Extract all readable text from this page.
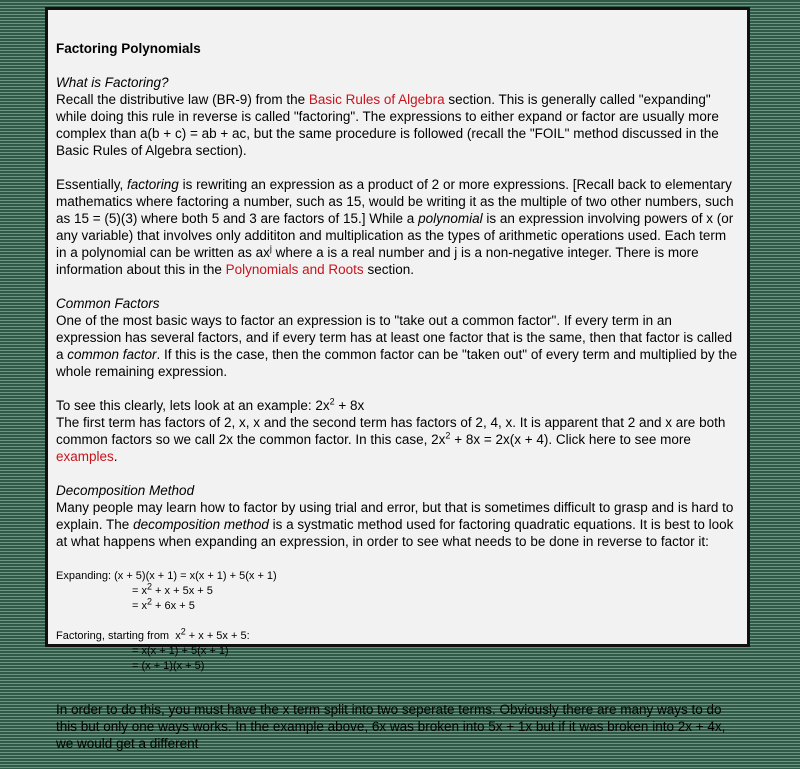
Factoring Polynomials

What is Factoring?
Recall the distributive law (BR-9) from the Basic Rules of Algebra section. This is generally called "expanding" while doing this rule in reverse is called "factoring". The expressions to either expand or factor are usually more complex than a(b + c) = ab + ac, but the same procedure is followed (recall the "FOIL" method discussed in the Basic Rules of Algebra section).

Essentially, factoring is rewriting an expression as a product of 2 or more expressions. [Recall back to elementary mathematics where factoring a number, such as 15, would be writing it as the multiple of two other numbers, such as 15 = (5)(3) where both 5 and 3 are factors of 15.] While a polynomial is an expression involving powers of x (or any variable) that involves only addititon and multiplication as the types of arithmetic operations used. Each term in a polynomial can be written as $ax^j$ where a is a real number and j is a non-negative integer. There is more information about this in the Polynomials and Roots section.

Common Factors
One of the most basic ways to factor an expression is to "take out a common factor". If every term in an expression has several factors, and if every term has at least one factor that is the same, then that factor is called a common factor. If this is the case, then the common factor can be "taken out" of every term and multiplied by the whole remaining expression.

To see this clearly, lets look at an example: $2x^2 + 8x$
The first term has factors of 2, x, x and the second term has factors of 2, 4, x. It is apparent that 2 and x are both common factors so we call 2x the common factor. In this case, $2x^2 + 8x = 2x(x + 4)$. Click here to see more examples.

Decomposition Method
Many people may learn how to factor by using trial and error, but that is sometimes difficult to grasp and is hard to explain. The decomposition method is a systmatic method used for factoring quadratic equations. It is best to look at what happens when expanding an expression, in order to see what needs to be done in reverse to factor it:

Expanding: (x + 5)(x + 1) = x(x + 1) + 5(x + 1)
= $x^2 + x + 5x + 5$
= $x^2 + 6x + 5$
Factoring, starting from  $x^2 + x + 5x + 5$:
= x(x + 1) + 5(x + 1)
= (x + 1)(x + 5)

In order to do this, you must have the x term split into two seperate terms. Obviously there are many ways to do this but only one ways works. In the example above, 6x was broken into 5x + 1x but if it was broken into 2x + 4x, we would get a different
